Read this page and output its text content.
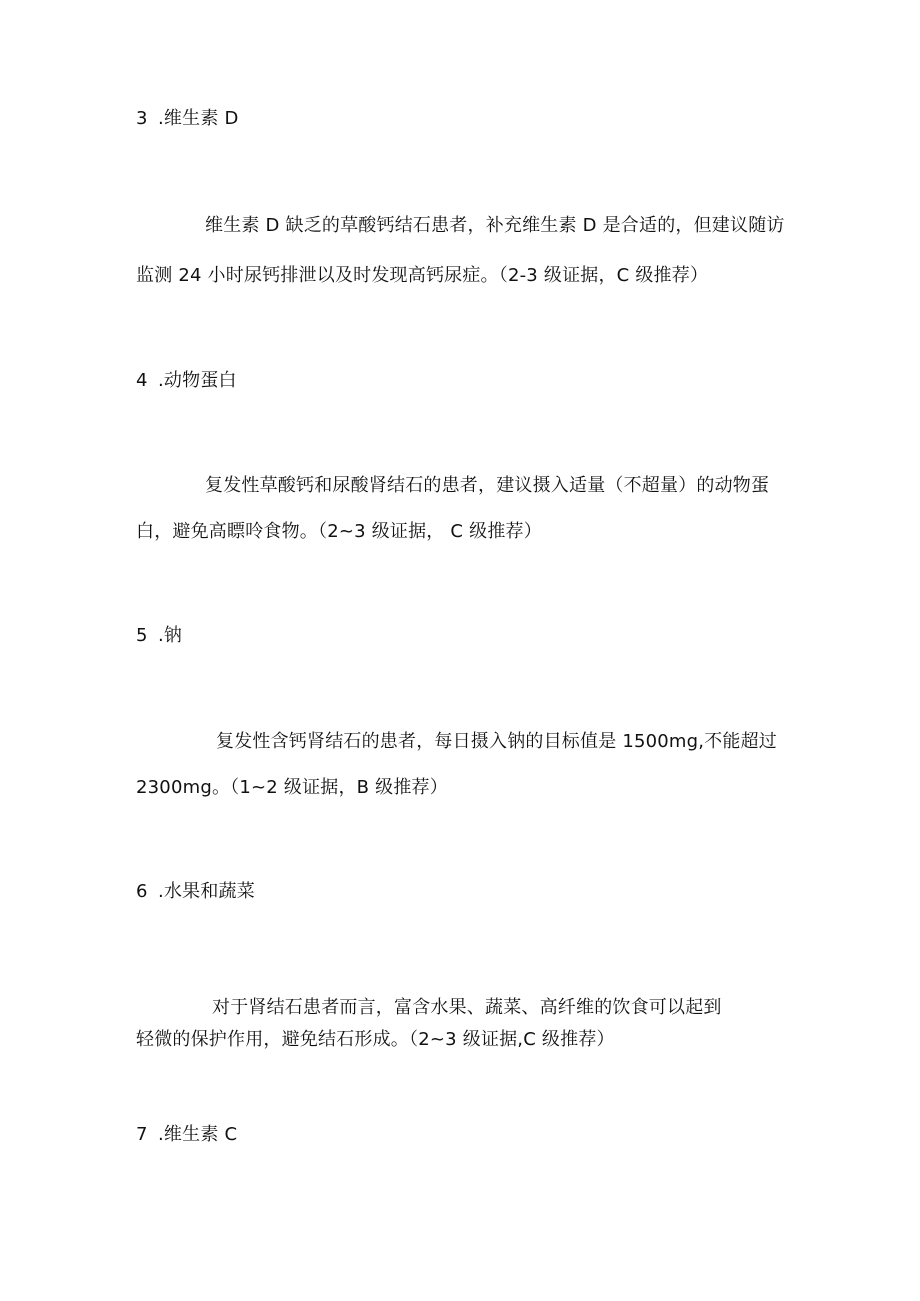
3 .维生素 D
维生素 D 缺乏的草酸钙结石患者，补充维生素 D 是合适的，但建议随访
监测 24 小时尿钙排泄以及时发现高钙尿症。（2-3 级证据，C 级推荐）
4 .动物蛋白
复发性草酸钙和尿酸肾结石的患者，建议摄入适量（不超量）的动物蛋
白，避免高瞟呤食物。（2~3 级证据， C 级推荐）
5 .钠
复发性含钙肾结石的患者，每日摄入钠的目标值是 1500mg,不能超过
2300mg。（1~2 级证据，B 级推荐）
6 .水果和蔬菜
对于肾结石患者而言，富含水果、蔬菜、高纤维的饮食可以起到
轻微的保护作用，避免结石形成。（2~3 级证据,C 级推荐）
7 .维生素 C
